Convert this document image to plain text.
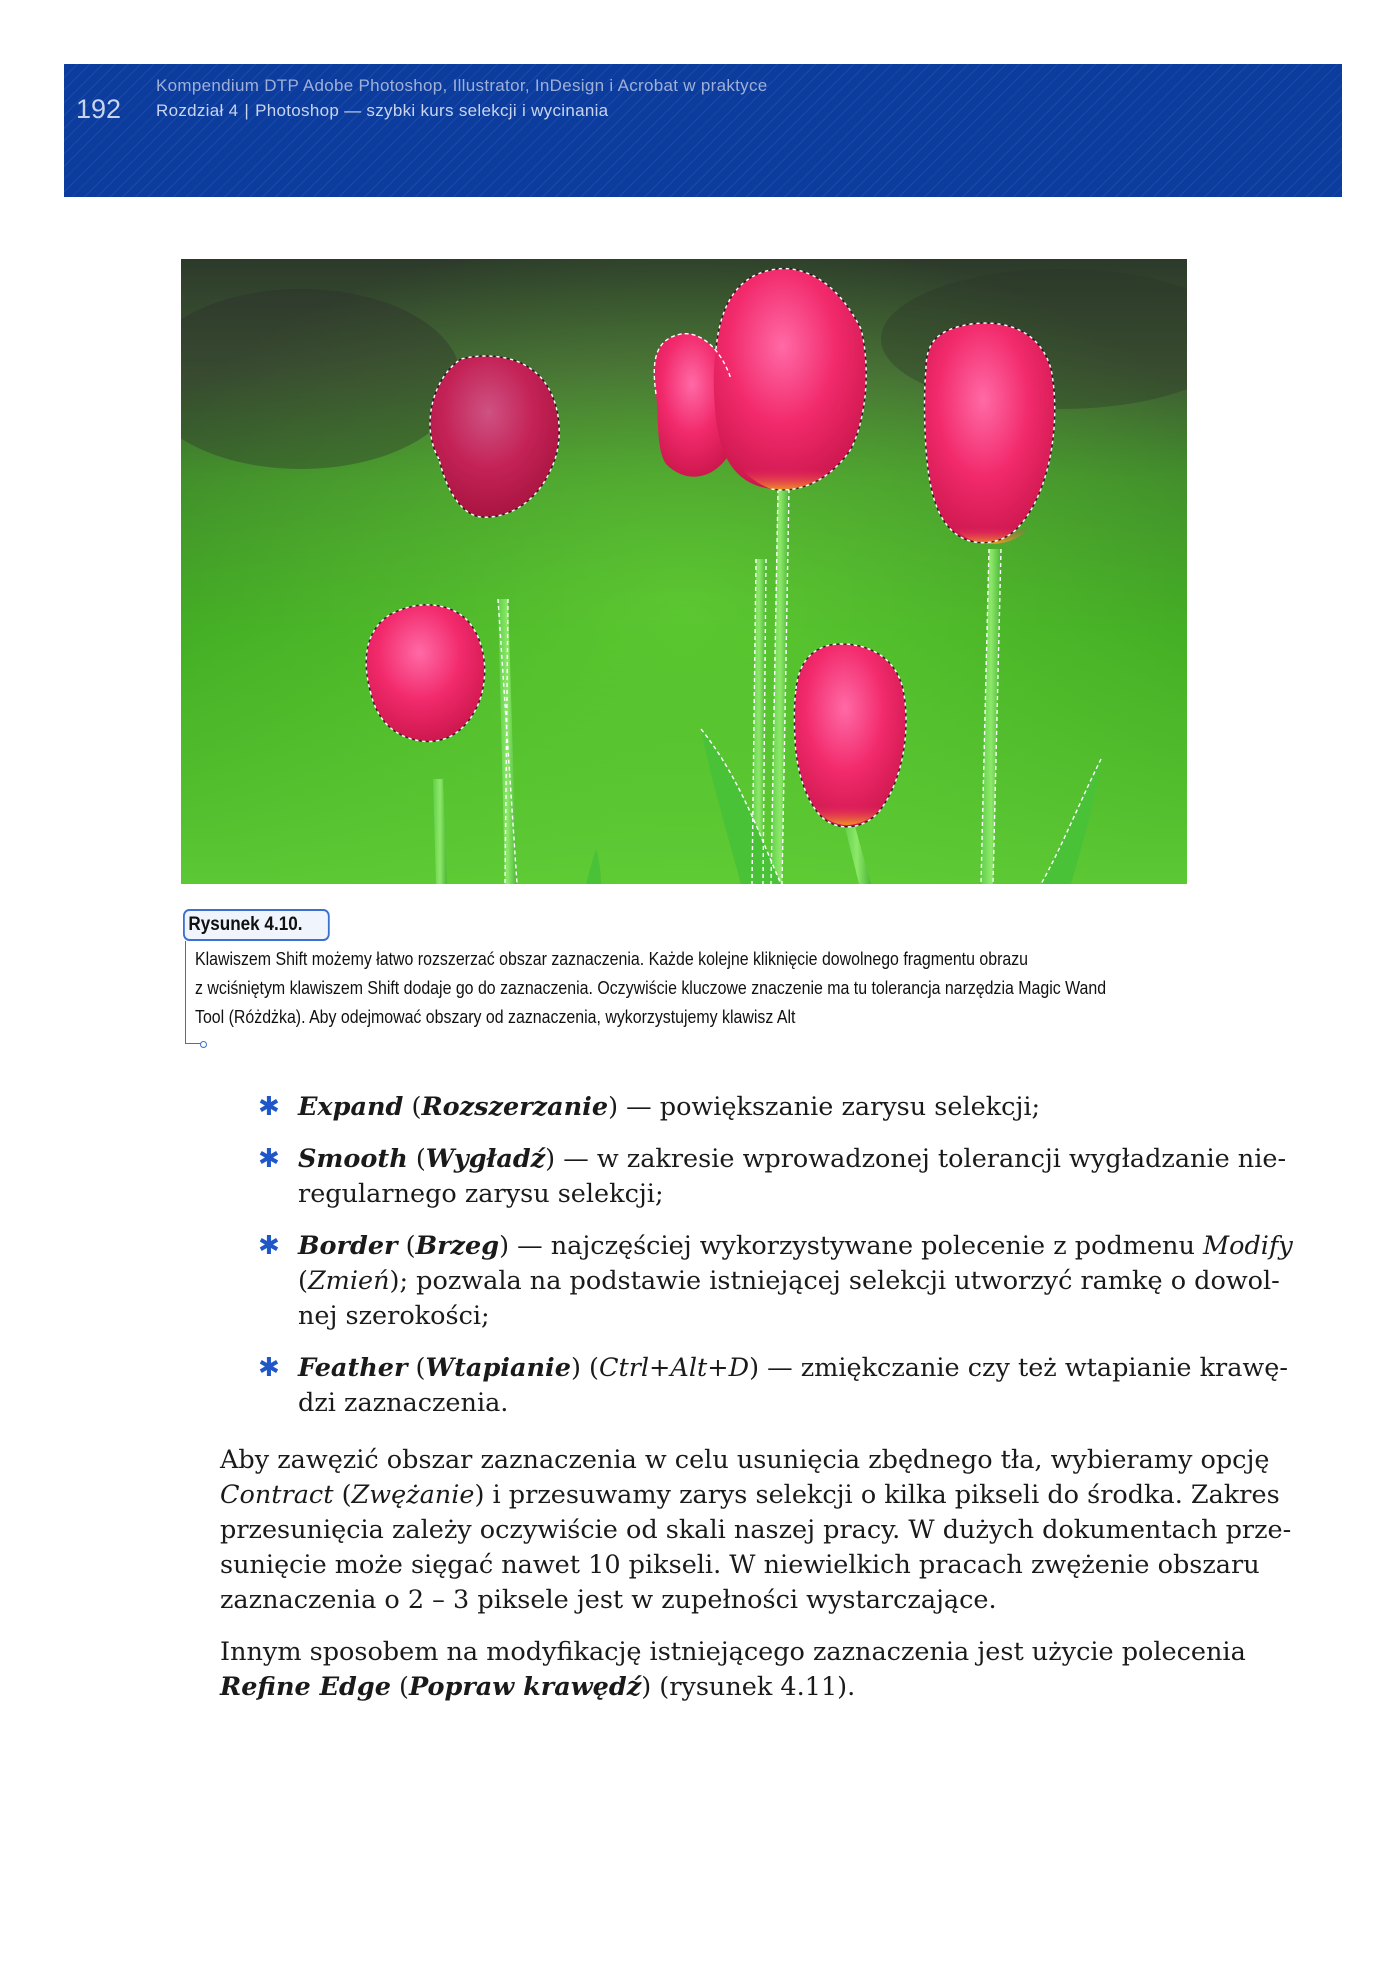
192
Kompendium DTP Adobe Photoshop, Illustrator, InDesign i Acrobat w praktyce
Rozdział 4 | Photoshop — szybki kurs selekcji i wycinania
Rysunek 4.10.

Klawiszem Shift możemy łatwo rozszerzać obszar zaznaczenia. Każde kolejne kliknięcie dowolnego fragmentu obrazu

z wciśniętym klawiszem Shift dodaje go do zaznaczenia. Oczywiście kluczowe znaczenie ma tu tolerancja narzędzia Magic Wand

Tool (Różdżka). Aby odejmować obszary od zaznaczenia, wykorzystujemy klawisz Alt

✱ Expand (Rozszerzanie) — powiększanie zarysu selekcji;
✱ Smooth (Wygładź) — w zakresie wprowadzonej tolerancji wygładzanie nie-
regularnego zarysu selekcji;
✱ Border (Brzeg) — najczęściej wykorzystywane polecenie z podmenu Modify
(Zmień); pozwala na podstawie istniejącej selekcji utworzyć ramkę o dowol-
nej szerokości;
✱ Feather (Wtapianie) (Ctrl+Alt+D) — zmiękczanie czy też wtapianie krawę-
dzi zaznaczenia.
Aby zawęzić obszar zaznaczenia w celu usunięcia zbędnego tła, wybieramy opcję
Contract (Zwężanie) i przesuwamy zarys selekcji o kilka pikseli do środka. Zakres
przesunięcia zależy oczywiście od skali naszej pracy. W dużych dokumentach prze-
sunięcie może sięgać nawet 10 pikseli. W niewielkich pracach zwężenie obszaru
zaznaczenia o 2 – 3 piksele jest w zupełności wystarczające.
Innym sposobem na modyfikację istniejącego zaznaczenia jest użycie polecenia
Refine Edge (Popraw krawędź) (rysunek 4.11).
